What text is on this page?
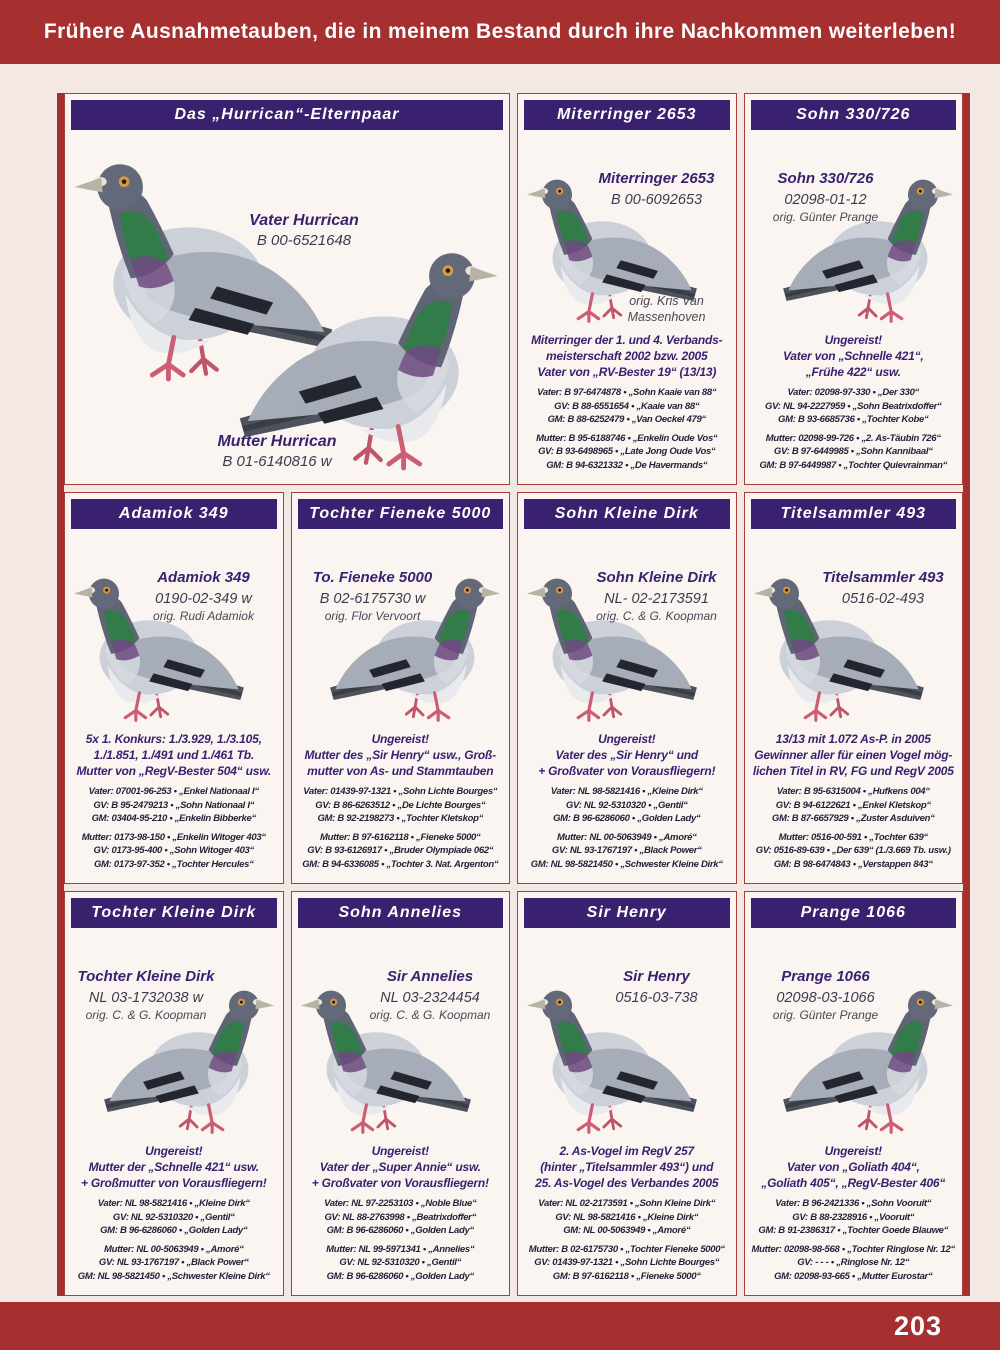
Frühere Ausnahmetauben, die in meinem Bestand durch ihre Nachkommen weiterleben!
Das „Hurrican“-Elternpaar
Vater Hurrican
B 00-6521648
Mutter Hurrican
B 01-6140816 w
Miterringer 2653
Miterringer 2653
B 00-6092653
orig. Kris Van Massenhoven
Miterringer der 1. und 4. Verbands-
meisterschaft 2002 bzw. 2005
Vater von „RV-Bester 19“ (13/13)
Vater: B 97-6474878 • „Sohn Kaaie van 88“
GV: B 88-6551654 • „Kaaie van 88“
GM: B 88-6252479 • „Van Oeckel 479“
Mutter: B 95-6188746 • „Enkelin Oude Vos“
GV: B 93-6498965 • „Late Jong Oude Vos“
GM: B 94-6321332 • „De Havermands“
Sohn 330/726
Sohn 330/726
02098-01-12
orig. Günter Prange
Ungereist!
Vater von „Schnelle 421“,
„Frühe 422“ usw.
Vater: 02098-97-330 • „Der 330“
GV: NL 94-2227959 • „Sohn Beatrixdoffer“
GM: B 93-6685736 • „Tochter Kobe“
Mutter: 02098-99-726 • „2. As-Täubin 726“
GV: B 97-6449985 • „Sohn Kannibaal“
GM: B 97-6449987 • „Tochter Quievrainman“
Adamiok 349
Adamiok 349
0190-02-349 w
orig. Rudi Adamiok
5x 1. Konkurs: 1./3.929, 1./3.105,
1./1.851, 1./491 und 1./461 Tb.
Mutter von „RegV-Bester 504“ usw.
Vater: 07001-96-253 • „Enkel Nationaal I“
GV: B 95-2479213 • „Sohn Nationaal I“
GM: 03404-95-210 • „Enkelin Bibberke“
Mutter: 0173-98-150 • „Enkelin Witoger 403“
GV: 0173-95-400 • „Sohn Witoger 403“
GM: 0173-97-352 • „Tochter Hercules“
Tochter Fieneke 5000
To. Fieneke 5000
B 02-6175730 w
orig. Flor Vervoort
Ungereist!
Mutter des „Sir Henry“ usw., Groß-
mutter von As- und Stammtauben
Vater: 01439-97-1321 • „Sohn Lichte Bourges“
GV: B 86-6263512 • „De Lichte Bourges“
GM: B 92-2198273 • „Tochter Kletskop“
Mutter: B 97-6162118 • „Fieneke 5000“
GV: B 93-6126917 • „Bruder Olympiade 062“
GM: B 94-6336085 • „Tochter 3. Nat. Argenton“
Sohn Kleine Dirk
Sohn Kleine Dirk
NL- 02-2173591
orig. C. & G. Koopman
Ungereist!
Vater des „Sir Henry“ und
+ Großvater von Vorausfliegern!
Vater: NL 98-5821416 • „Kleine Dirk“
GV: NL 92-5310320 • „Gentil“
GM: B 96-6286060 • „Golden Lady“
Mutter: NL 00-5063949 • „Amoré“
GV: NL 93-1767197 • „Black Power“
GM: NL 98-5821450 • „Schwester Kleine Dirk“
Titelsammler 493
Titelsammler 493
0516-02-493
13/13 mit 1.072 As-P. in 2005
Gewinner aller für einen Vogel mög-
lichen Titel in RV, FG und RegV 2005
Vater: B 95-6315004 • „Hufkens 004“
GV: B 94-6122621 • „Enkel Kletskop“
GM: B 87-6657929 • „Zuster Asduiven“
Mutter: 0516-00-591 • „Tochter 639“
GV: 0516-89-639 • „Der 639“ (1./3.669 Tb. usw.)
GM: B 98-6474843 • „Verstappen 843“
Tochter Kleine Dirk
Tochter Kleine Dirk
NL 03-1732038 w
orig. C. & G. Koopman
Ungereist!
Mutter der „Schnelle 421“ usw.
+ Großmutter von Vorausfliegern!
Vater: NL 98-5821416 • „Kleine Dirk“
GV: NL 92-5310320 • „Gentil“
GM: B 96-6286060 • „Golden Lady“
Mutter: NL 00-5063949 • „Amoré“
GV: NL 93-1767197 • „Black Power“
GM: NL 98-5821450 • „Schwester Kleine Dirk“
Sohn Annelies
Sir Annelies
NL 03-2324454
orig. C. & G. Koopman
Ungereist!
Vater der „Super Annie“ usw.
+ Großvater von Vorausfliegern!
Vater: NL 97-2253103 • „Noble Blue“
GV: NL 88-2763998 • „Beatrixdoffer“
GM: B 96-6286060 • „Golden Lady“
Mutter: NL 99-5971341 • „Annelies“
GV: NL 92-5310320 • „Gentil“
GM: B 96-6286060 • „Golden Lady“
Sir Henry
Sir Henry
0516-03-738
2. As-Vogel im RegV 257
(hinter „Titelsammler 493“) und
25. As-Vogel des Verbandes 2005
Vater: NL 02-2173591 • „Sohn Kleine Dirk“
GV: NL 98-5821416 • „Kleine Dirk“
GM: NL 00-5063949 • „Amoré“
Mutter: B 02-6175730 • „Tochter Fieneke 5000“
GV: 01439-97-1321 • „Sohn Lichte Bourges“
GM: B 97-6162118 • „Fieneke 5000“
Prange 1066
Prange 1066
02098-03-1066
orig. Günter Prange
Ungereist!
Vater von „Goliath 404“,
„Goliath 405“, „RegV-Bester 406“
Vater: B 96-2421336 • „Sohn Vooruit“
GV: B 88-2328916 • „Vooruit“
GM: B 91-2386317 • „Tochter Goede Blauwe“
Mutter: 02098-98-568 • „Tochter Ringlose Nr. 12“
GV: - - - • „Ringlose Nr. 12“
GM: 02098-93-665 • „Mutter Eurostar“
203
